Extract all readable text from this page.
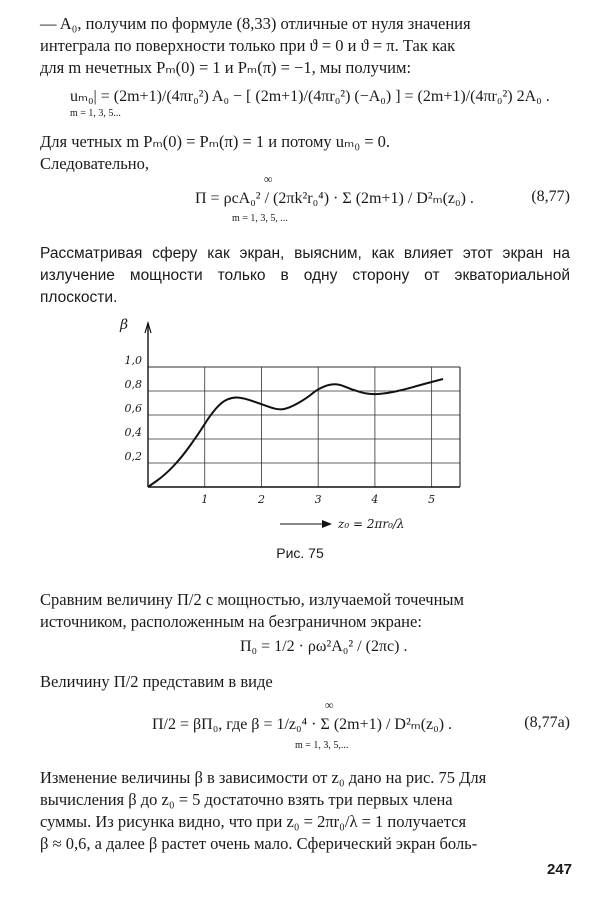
— A₀, получим по формуле (8,33) отличные от нуля значения

интеграла по поверхности только при ϑ = 0 и ϑ = π. Так как

для m нечетных Pₘ(0) = 1 и Pₘ(π) = −1, мы получим:

uₘ₀| = (2m+1)/(4πr₀²) A₀ − [ (2m+1)/(4πr₀²) (−A₀) ] = (2m+1)/(4πr₀²) 2A₀ .
m = 1, 3, 5...

Для четных m Pₘ(0) = Pₘ(π) = 1 и потому uₘ₀ = 0.

Следовательно,

∞
Π = ρcA₀² / (2πk²r₀⁴) · Σ (2m+1) / D²ₘ(z₀) .
m = 1, 3, 5, ...
(8,77)

Рассматривая сферу как экран, выясним, как влияет этот экран на излучение мощности только в одну сторону от экваториальной плоскости.

0,2
0,4
0,6
0,8
1,0
1	2	3	4	5
β
z₀ = 2πr₀/λ
Рис. 75

Сравним величину Π/2 с мощностью, излучаемой точечным

источником, расположенным на безграничном экране:

Π₀ = 1/2 · ρω²A₀² / (2πc) .

Величину Π/2 представим в виде

∞
Π/2 = βΠ₀, где β = 1/z₀⁴ · Σ (2m+1) / D²ₘ(z₀) .
m = 1, 3, 5,...
(8,77а)

Изменение величины β в зависимости от z₀ дано на рис. 75 Для

вычисления β до z₀ = 5 достаточно взять три первых члена

суммы. Из рисунка видно, что при z₀ = 2πr₀/λ = 1 получается

β ≈ 0,6, а далее β растет очень мало. Сферический экран боль-

247
